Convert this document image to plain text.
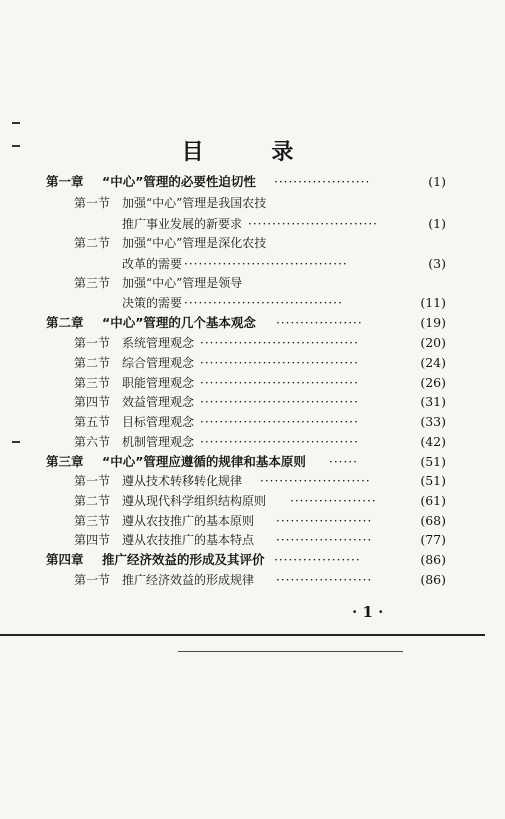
目 录
第一章 “中心”管理的必要性迫切性 ····················	(1)
第一节 加强“中心”管理是我国农技
推广事业发展的新要求 ···························	(1)
第二节 加强“中心”管理是深化农技
改革的需要 ··································	(3)
第三节 加强“中心”管理是领导
决策的需要 ·································	(11)
第二章 “中心”管理的几个基本观念 ··················	(19)
第一节 系统管理观念 ·································	(20)
第二节 综合管理观念 ·································	(24)
第三节 职能管理观念 ·································	(26)
第四节 效益管理观念 ·································	(31)
第五节 目标管理观念 ·································	(33)
第六节 机制管理观念 ·································	(42)
第三章 “中心”管理应遵循的规律和基本原则 ······	(51)
第一节 遵从技术转移转化规律 ·······················	(51)
第二节 遵从现代科学组织结构原则 ··················	(61)
第三节 遵从农技推广的基本原则 ····················	(68)
第四节 遵从农技推广的基本特点 ····················	(77)
第四章 推广经济效益的形成及其评价 ··················	(86)
第一节 推广经济效益的形成规律 ····················	(86)
· 1 ·
